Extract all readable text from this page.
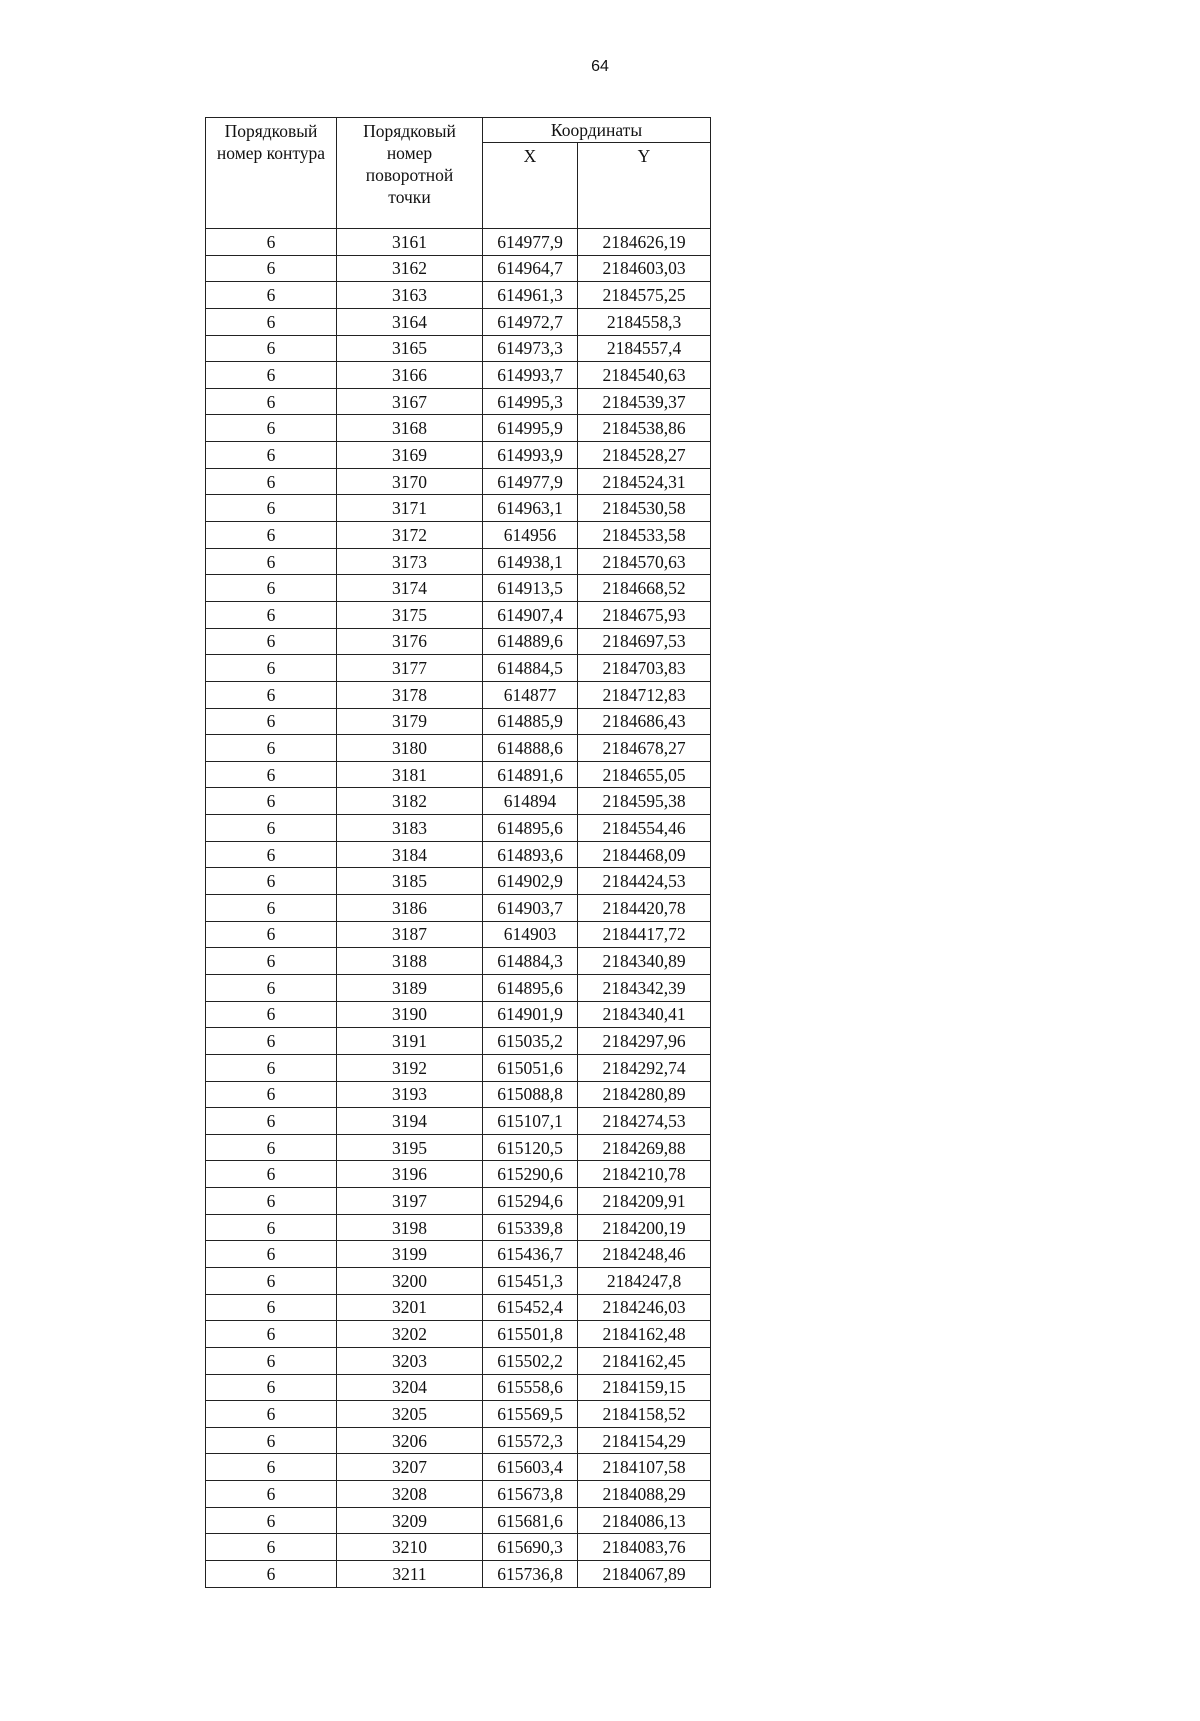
64
Порядковый
номер контура	Порядковый
номер
поворотной
точки	Координаты	
		X	Y
6	3161	614977,9	2184626,19
6	3162	614964,7	2184603,03
6	3163	614961,3	2184575,25
6	3164	614972,7	2184558,3
6	3165	614973,3	2184557,4
6	3166	614993,7	2184540,63
6	3167	614995,3	2184539,37
6	3168	614995,9	2184538,86
6	3169	614993,9	2184528,27
6	3170	614977,9	2184524,31
6	3171	614963,1	2184530,58
6	3172	614956	2184533,58
6	3173	614938,1	2184570,63
6	3174	614913,5	2184668,52
6	3175	614907,4	2184675,93
6	3176	614889,6	2184697,53
6	3177	614884,5	2184703,83
6	3178	614877	2184712,83
6	3179	614885,9	2184686,43
6	3180	614888,6	2184678,27
6	3181	614891,6	2184655,05
6	3182	614894	2184595,38
6	3183	614895,6	2184554,46
6	3184	614893,6	2184468,09
6	3185	614902,9	2184424,53
6	3186	614903,7	2184420,78
6	3187	614903	2184417,72
6	3188	614884,3	2184340,89
6	3189	614895,6	2184342,39
6	3190	614901,9	2184340,41
6	3191	615035,2	2184297,96
6	3192	615051,6	2184292,74
6	3193	615088,8	2184280,89
6	3194	615107,1	2184274,53
6	3195	615120,5	2184269,88
6	3196	615290,6	2184210,78
6	3197	615294,6	2184209,91
6	3198	615339,8	2184200,19
6	3199	615436,7	2184248,46
6	3200	615451,3	2184247,8
6	3201	615452,4	2184246,03
6	3202	615501,8	2184162,48
6	3203	615502,2	2184162,45
6	3204	615558,6	2184159,15
6	3205	615569,5	2184158,52
6	3206	615572,3	2184154,29
6	3207	615603,4	2184107,58
6	3208	615673,8	2184088,29
6	3209	615681,6	2184086,13
6	3210	615690,3	2184083,76
6	3211	615736,8	2184067,89
